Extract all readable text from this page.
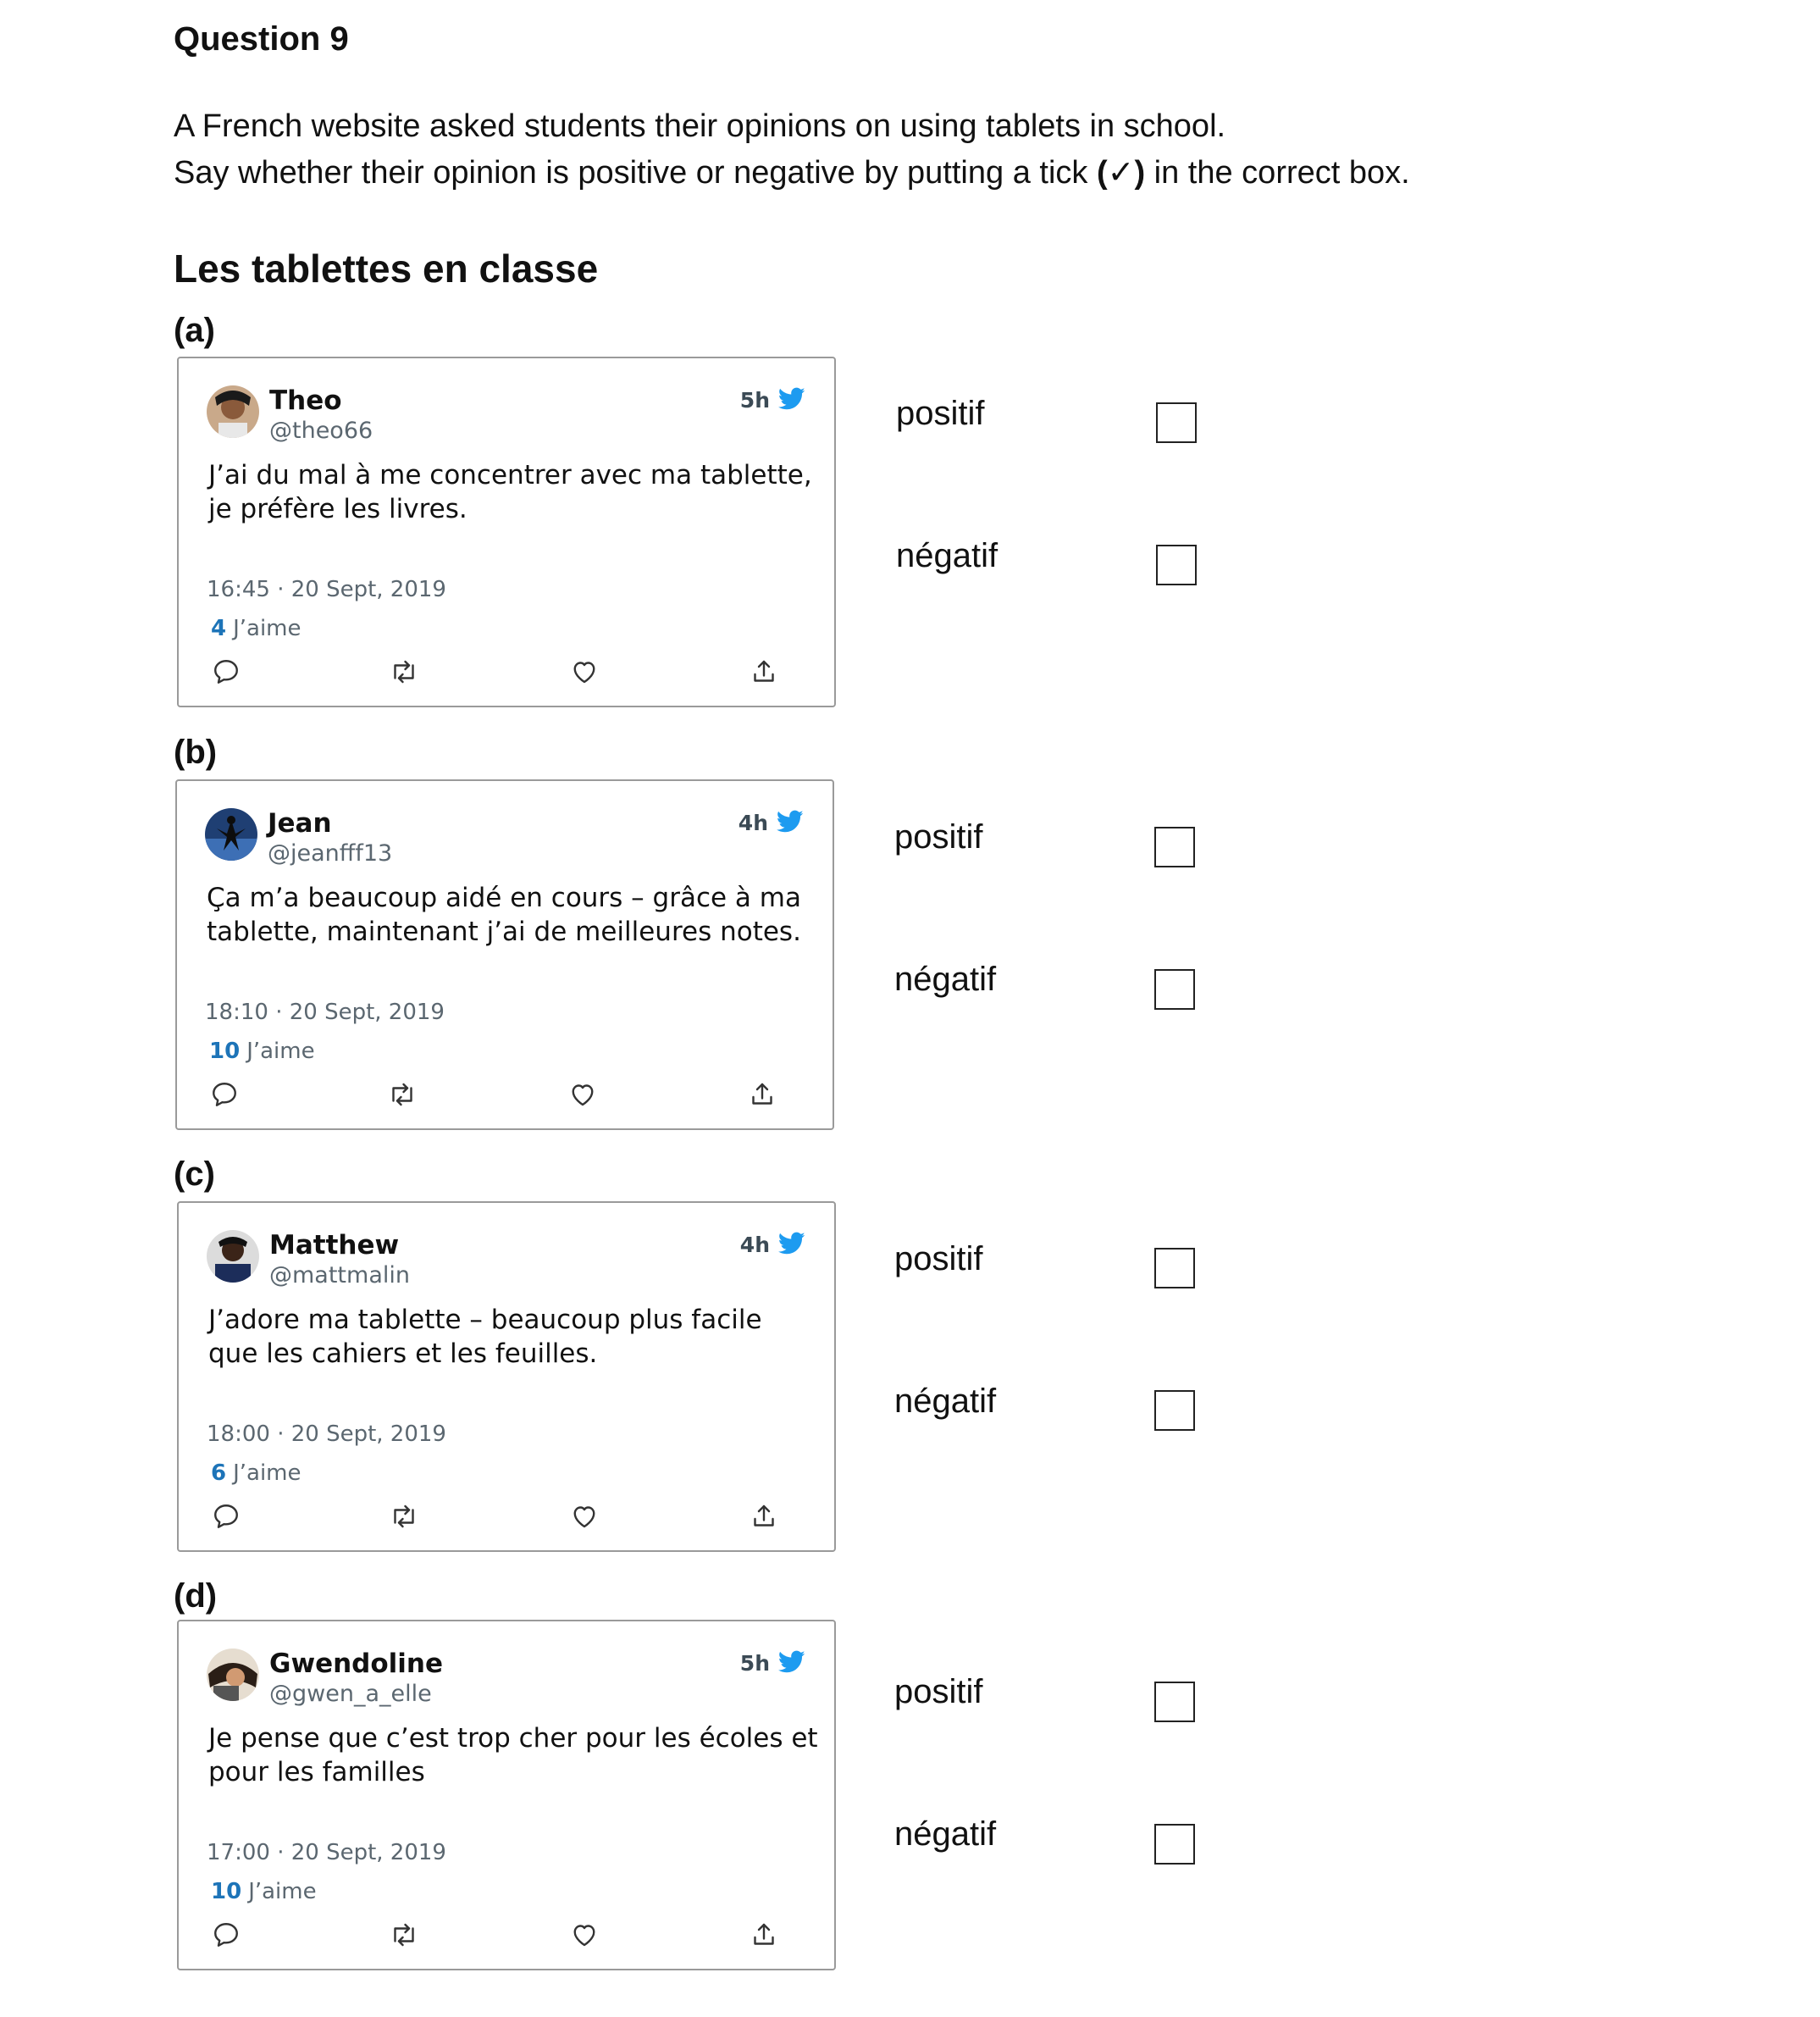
Question 9
A French website asked students their opinions on using tablets in school.
Say whether their opinion is positive or negative by putting a tick (✓) in the correct box.
Les tablettes en classe
(a)
Theo
@theo66
5h
J’ai du mal à me concentrer avec ma tablette, je préfère les livres.
16:45 · 20 Sept, 2019
4 J’aime
positif
négatif
(b)
Jean
@jeanfff13
4h
Ça m’a beaucoup aidé en cours – grâce à ma tablette, maintenant j’ai de meilleures notes.
18:10 · 20 Sept, 2019
10 J’aime
positif
négatif
(c)
Matthew
@mattmalin
4h
J’adore ma tablette – beaucoup plus facile que les cahiers et les feuilles.
18:00 · 20 Sept, 2019
6 J’aime
positif
négatif
(d)
Gwendoline
@gwen_a_elle
5h
Je pense que c’est trop cher pour les écoles et pour les familles
17:00 · 20 Sept, 2019
10 J’aime
positif
négatif
